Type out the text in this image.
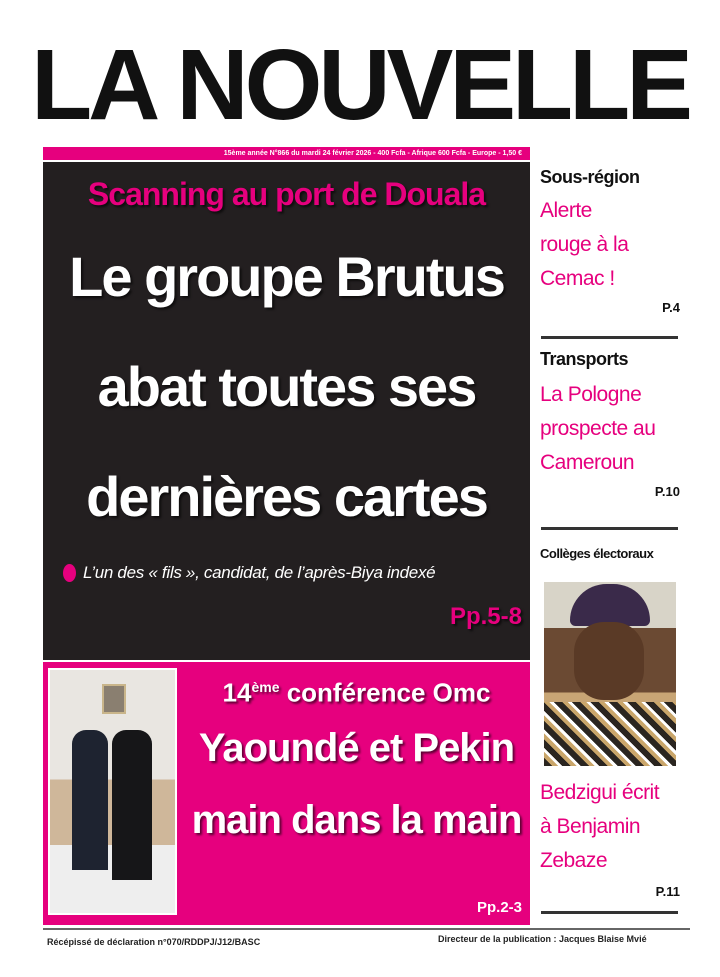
LA NOUVELLE
15ème année N°866 du mardi 24 février 2026 - 400 Fcfa - Afrique 600 Fcfa - Europe - 1,50 €
Scanning au port de Douala
Le groupe Brutus
abat toutes ses
dernières cartes
L’un des « fils », candidat, de l’après-Biya indexé
Pp.5-8
14ème conférence Omc
Yaoundé et Pekin
main dans la main
Pp.2-3
Sous-région
Alerte
rouge à la
Cemac !
P.4
Transports
La Pologne
prospecte au
Cameroun
P.10
Collèges électoraux
Bedzigui écrit
à Benjamin
Zebaze
P.11
Récépissé de déclaration n°070/RDDPJ/J12/BASC	Directeur de la publication : Jacques Blaise Mvié
